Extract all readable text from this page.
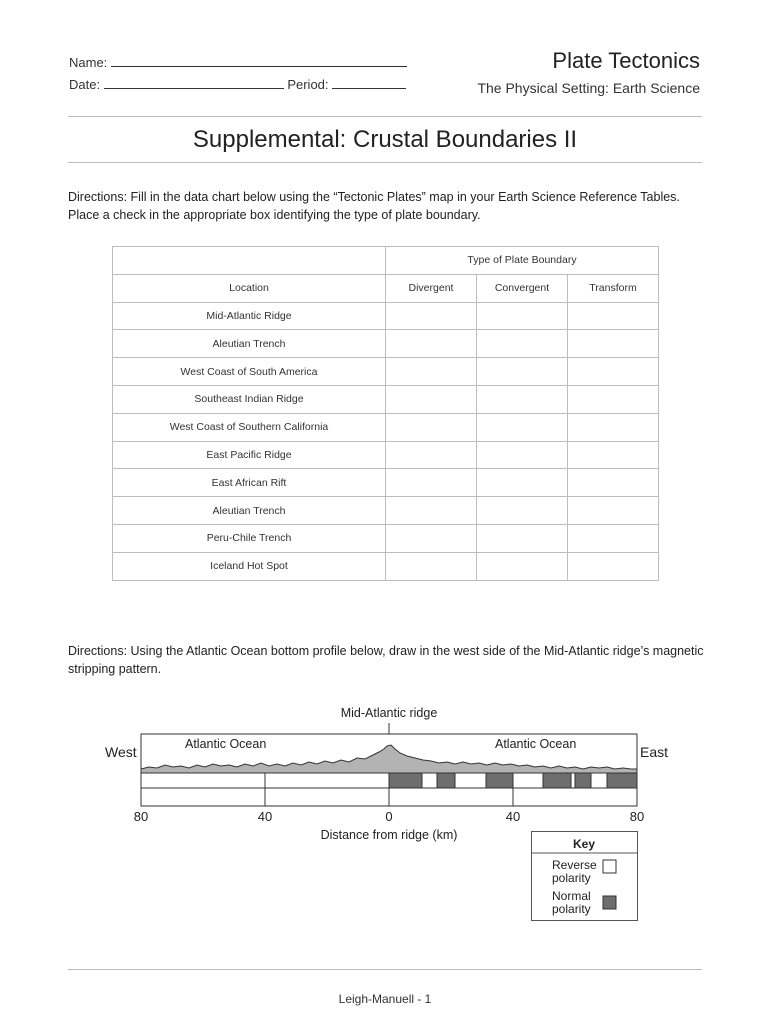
Name:
Date:	Period:
Plate Tectonics
The Physical Setting: Earth Science
Supplemental: Crustal Boundaries II
Directions: Fill in the data chart below using the “Tectonic Plates” map in your Earth Science Reference Tables. Place a check in the appropriate box identifying the type of plate boundary.
	Type of Plate Boundary		
Location	Divergent	Convergent	Transform
Mid-Atlantic Ridge			
Aleutian Trench			
West Coast of South America			
Southeast Indian Ridge			
West Coast of Southern California			
East Pacific Ridge			
East African Rift			
Aleutian Trench			
Peru-Chile Trench			
Iceland Hot Spot			
Directions: Using the Atlantic Ocean bottom profile below, draw in the west side of the Mid-Atlantic ridge’s magnetic stripping pattern.
Mid-Atlantic ridge
West	East
Atlantic Ocean	Atlantic Ocean
80	40	0	40	80
Distance from ridge (km)
Key
Reverse
polarity
Normal
polarity
Leigh-Manuell - 1
